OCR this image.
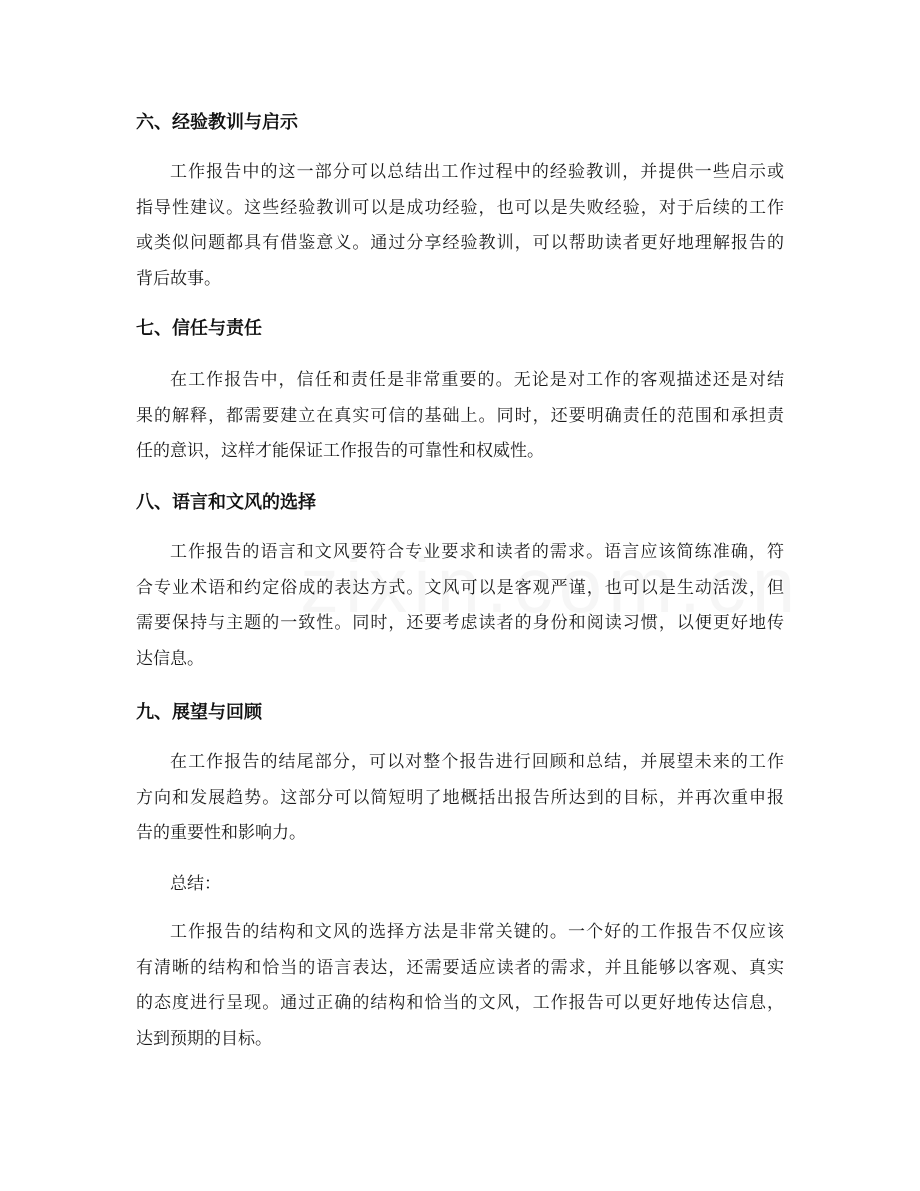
六、经验教训与启示
工作报告中的这一部分可以总结出工作过程中的经验教训，并提供一些启示或
指导性建议。这些经验教训可以是成功经验，也可以是失败经验，对于后续的工作
或类似问题都具有借鉴意义。通过分享经验教训，可以帮助读者更好地理解报告的
背后故事。
七、信任与责任
在工作报告中，信任和责任是非常重要的。无论是对工作的客观描述还是对结
果的解释，都需要建立在真实可信的基础上。同时，还要明确责任的范围和承担责
任的意识，这样才能保证工作报告的可靠性和权威性。
八、语言和文风的选择
工作报告的语言和文风要符合专业要求和读者的需求。语言应该简练准确，符
合专业术语和约定俗成的表达方式。文风可以是客观严谨，也可以是生动活泼，但
需要保持与主题的一致性。同时，还要考虑读者的身份和阅读习惯，以便更好地传
达信息。
九、展望与回顾
在工作报告的结尾部分，可以对整个报告进行回顾和总结，并展望未来的工作
方向和发展趋势。这部分可以简短明了地概括出报告所达到的目标，并再次重申报
告的重要性和影响力。

总结：

工作报告的结构和文风的选择方法是非常关键的。一个好的工作报告不仅应该
有清晰的结构和恰当的语言表达，还需要适应读者的需求，并且能够以客观、真实
的态度进行呈现。通过正确的结构和恰当的文风，工作报告可以更好地传达信息，
达到预期的目标。
